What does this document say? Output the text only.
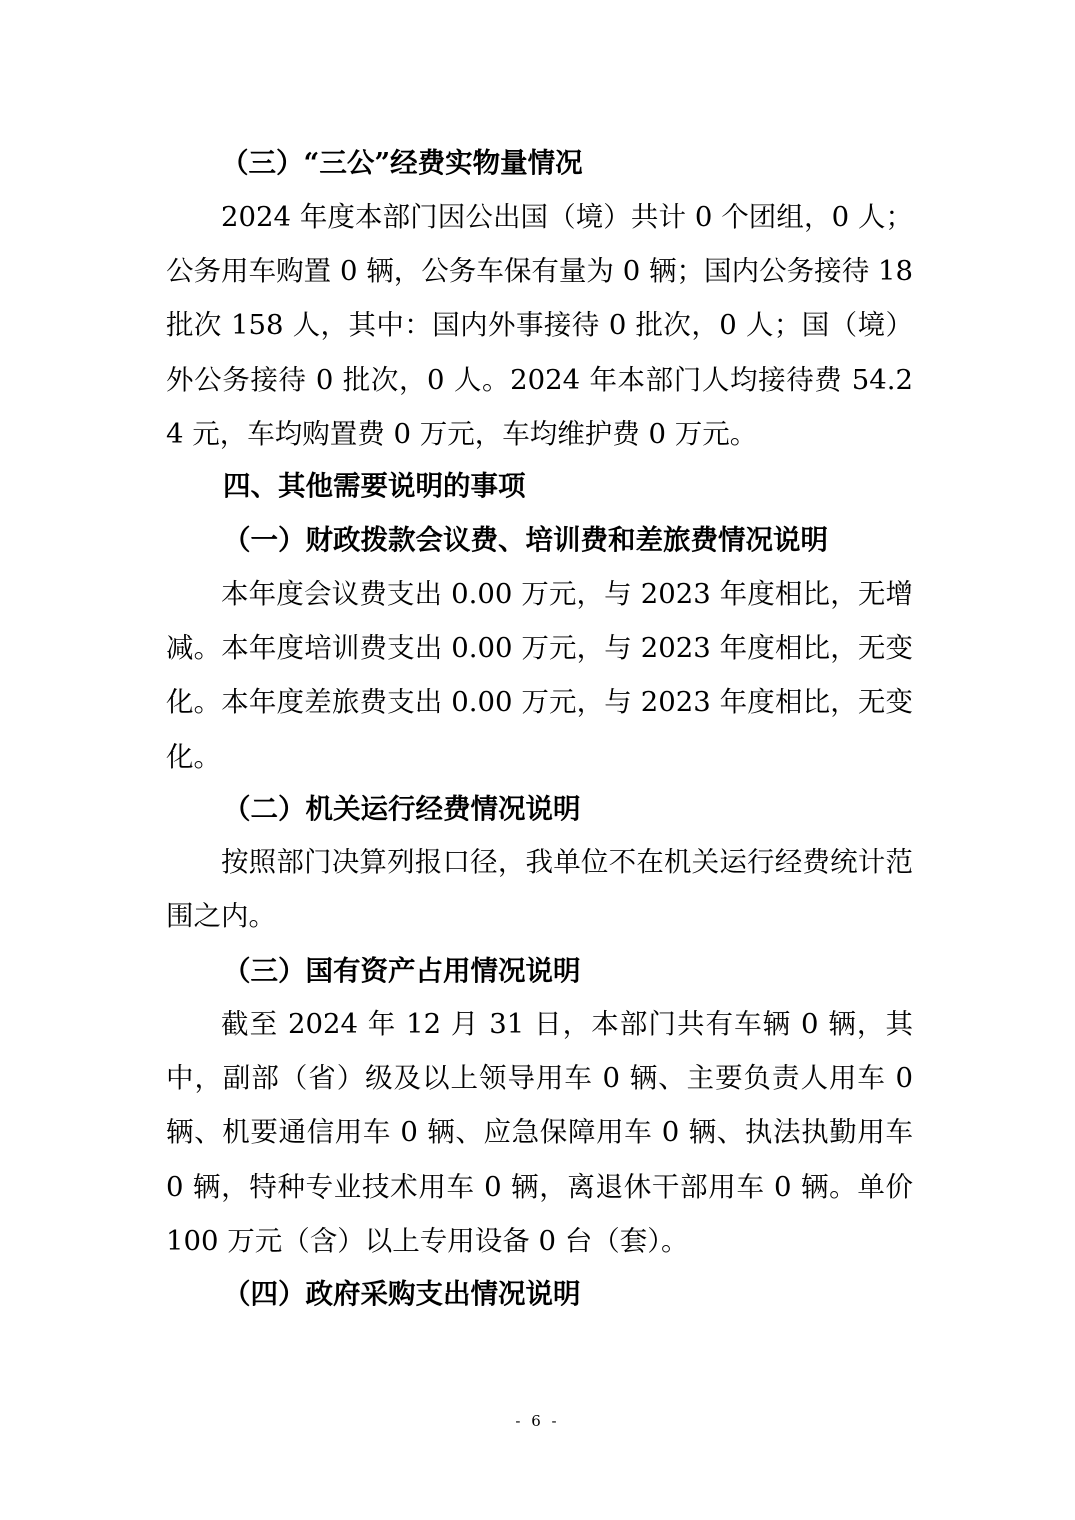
（三）“三公”经费实物量情况

2024 年度本部门因公出国（境）共计 0 个团组，0 人；公务用车购置 0 辆，公务车保有量为 0 辆；国内公务接待 18 批次 158 人，其中：国内外事接待 0 批次，0 人；国（境）外公务接待 0 批次，0 人。2024 年本部门人均接待费 54.24 元，车均购置费 0 万元，车均维护费 0 万元。

四、其他需要说明的事项
（一）财政拨款会议费、培训费和差旅费情况说明

本年度会议费支出 0.00 万元，与 2023 年度相比，无增减。本年度培训费支出 0.00 万元，与 2023 年度相比，无变化。本年度差旅费支出 0.00 万元，与 2023 年度相比，无变化。

（二）机关运行经费情况说明

按照部门决算列报口径，我单位不在机关运行经费统计范围之内。

（三）国有资产占用情况说明

截至 2024 年 12 月 31 日，本部门共有车辆 0 辆，其中，副部（省）级及以上领导用车 0 辆、主要负责人用车 0 辆、机要通信用车 0 辆、应急保障用车 0 辆、执法执勤用车 0 辆，特种专业技术用车 0 辆，离退休干部用车 0 辆。单价 100 万元（含）以上专用设备 0 台（套）。

（四）政府采购支出情况说明
- 6 -
